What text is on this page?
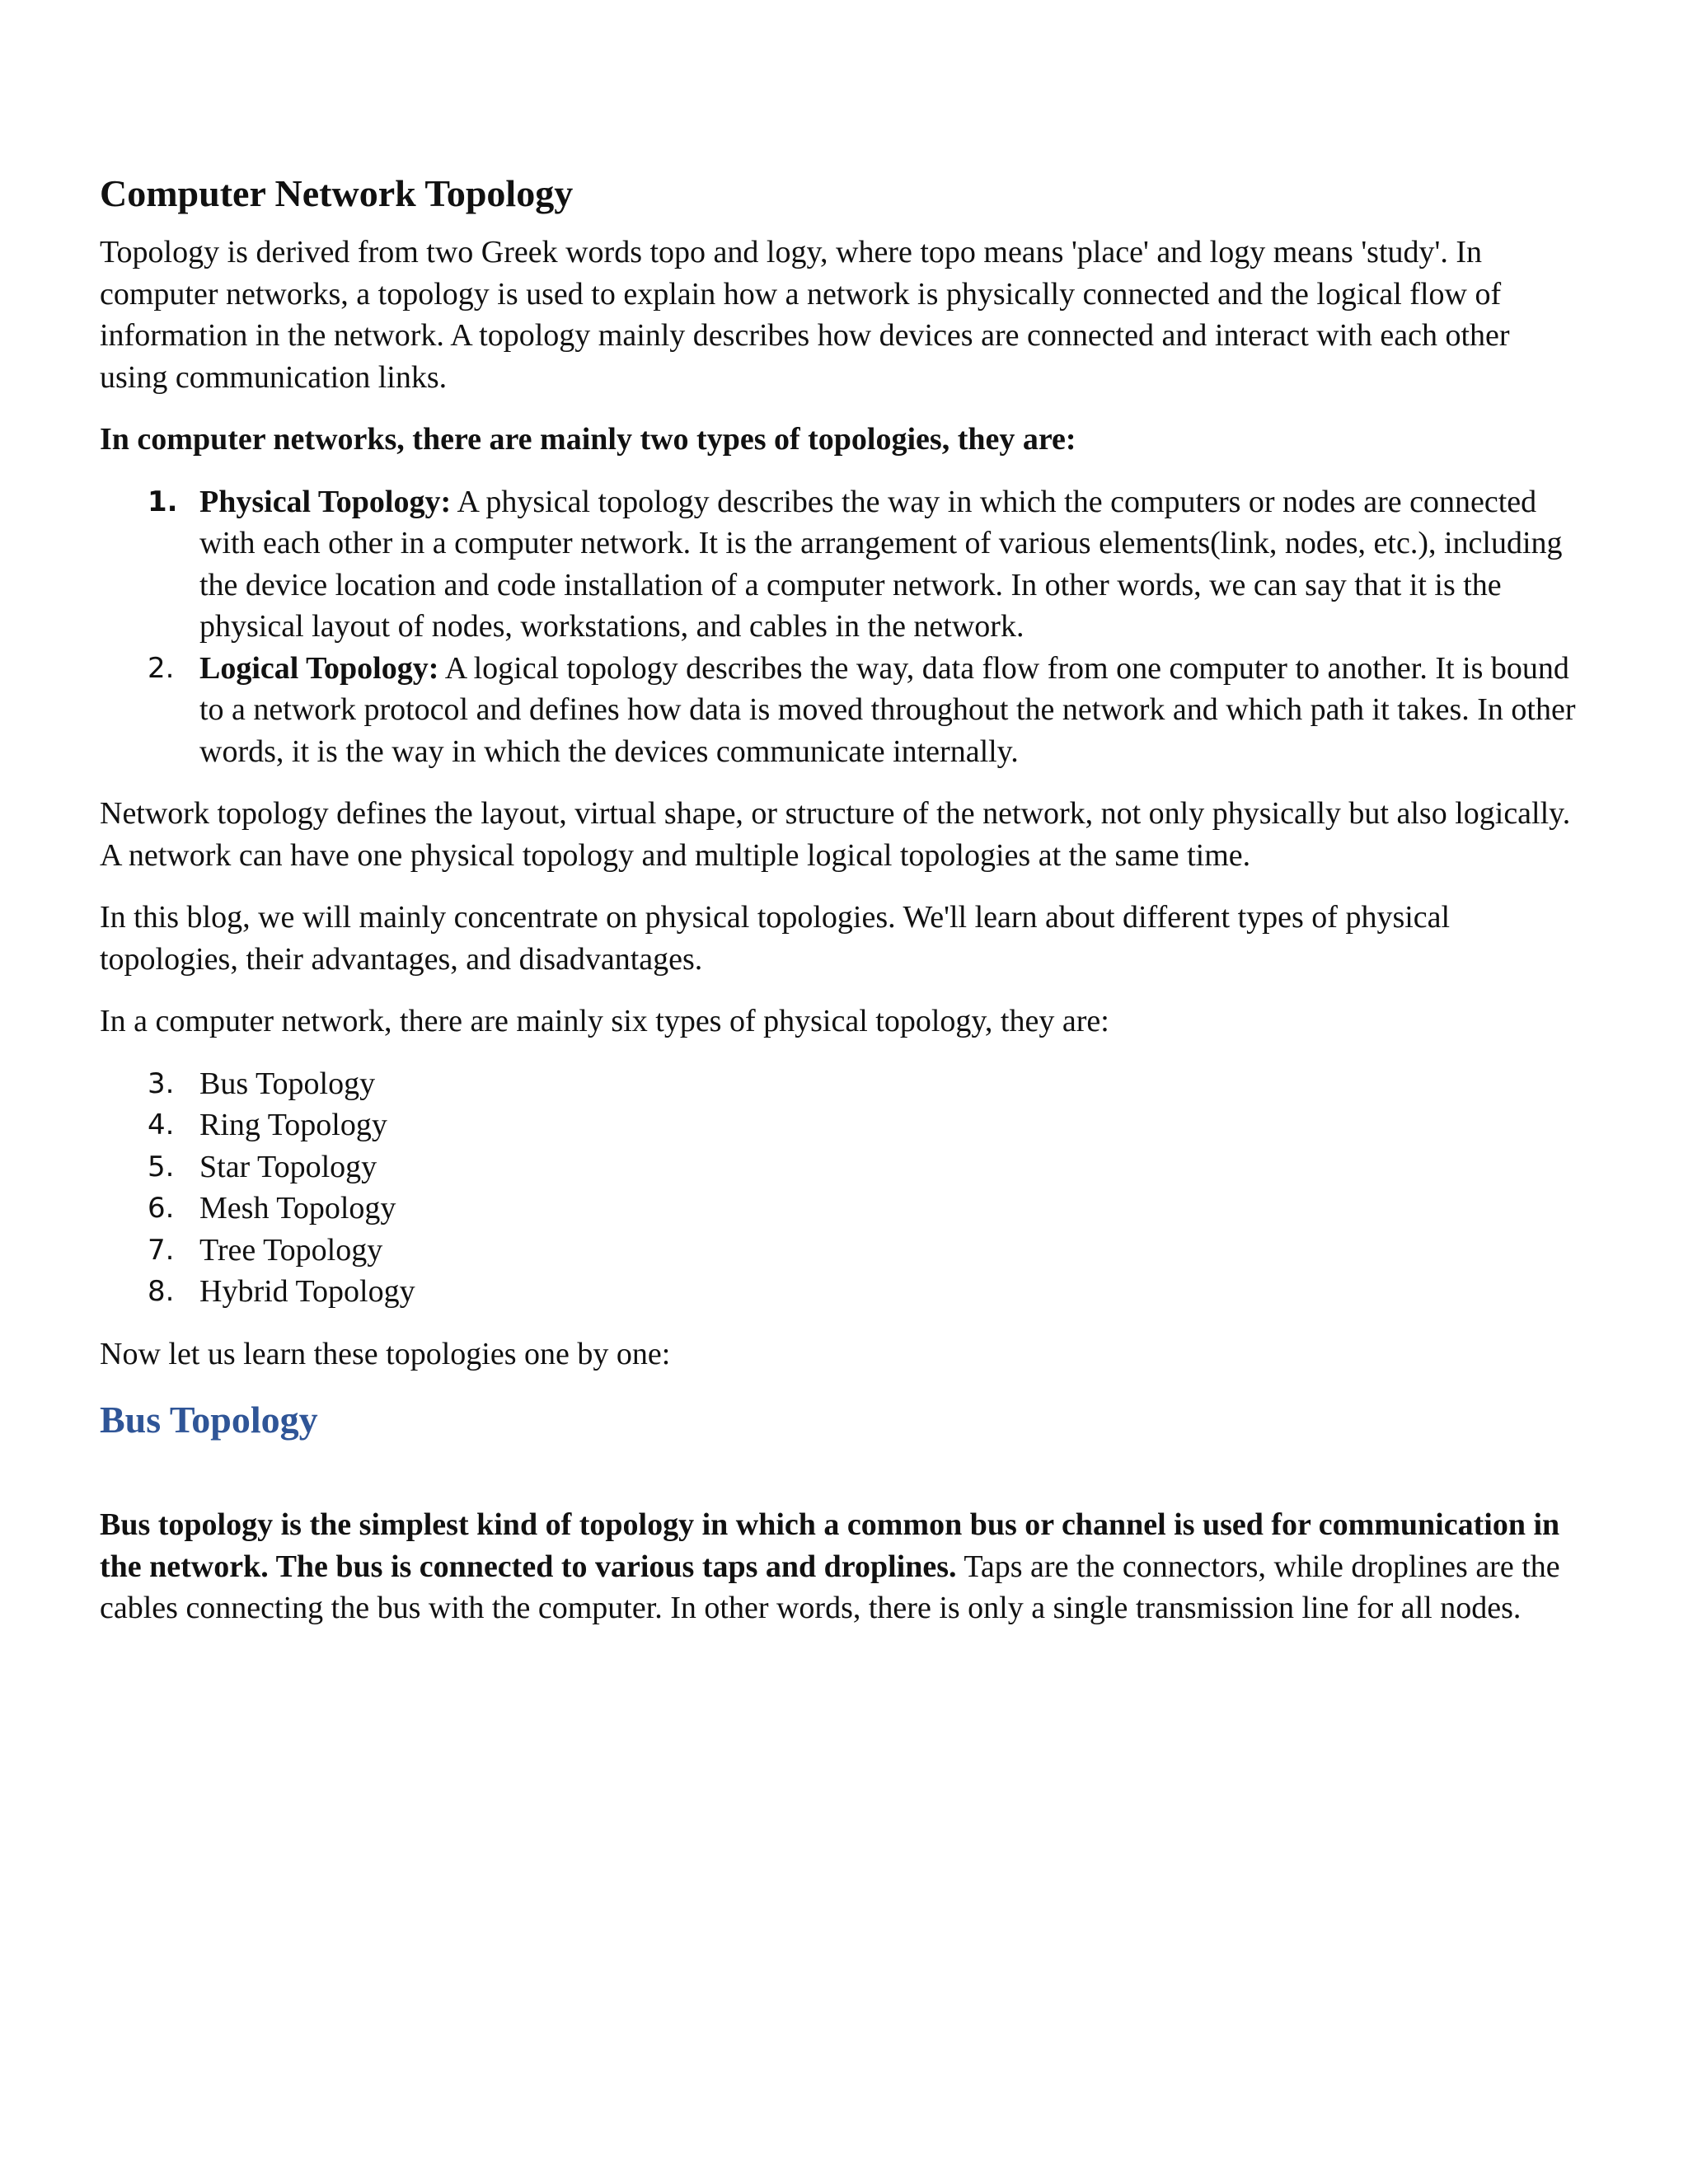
Computer Network Topology

Topology is derived from two Greek words topo and logy, where topo means 'place' and logy means 'study'. In computer networks, a topology is used to explain how a network is physically connected and the logical flow of information in the network. A topology mainly describes how devices are connected and interact with each other using communication links.

In computer networks, there are mainly two types of topologies, they are:

1. Physical Topology: A physical topology describes the way in which the computers or nodes are connected with each other in a computer network. It is the arrangement of various elements(link, nodes, etc.), including the device location and code installation of a computer network. In other words, we can say that it is the physical layout of nodes, workstations, and cables in the network.
2. Logical Topology: A logical topology describes the way, data flow from one computer to another. It is bound to a network protocol and defines how data is moved throughout the network and which path it takes. In other words, it is the way in which the devices communicate internally.

Network topology defines the layout, virtual shape, or structure of the network, not only physically but also logically. A network can have one physical topology and multiple logical topologies at the same time.

In this blog, we will mainly concentrate on physical topologies. We'll learn about different types of physical topologies, their advantages, and disadvantages.

In a computer network, there are mainly six types of physical topology, they are:

3. Bus Topology
4. Ring Topology
5. Star Topology
6. Mesh Topology
7. Tree Topology
8. Hybrid Topology

Now let us learn these topologies one by one:

Bus Topology

Bus topology is the simplest kind of topology in which a common bus or channel is used for communication in the network. The bus is connected to various taps and droplines. Taps are the connectors, while droplines are the cables connecting the bus with the computer. In other words, there is only a single transmission line for all nodes.
